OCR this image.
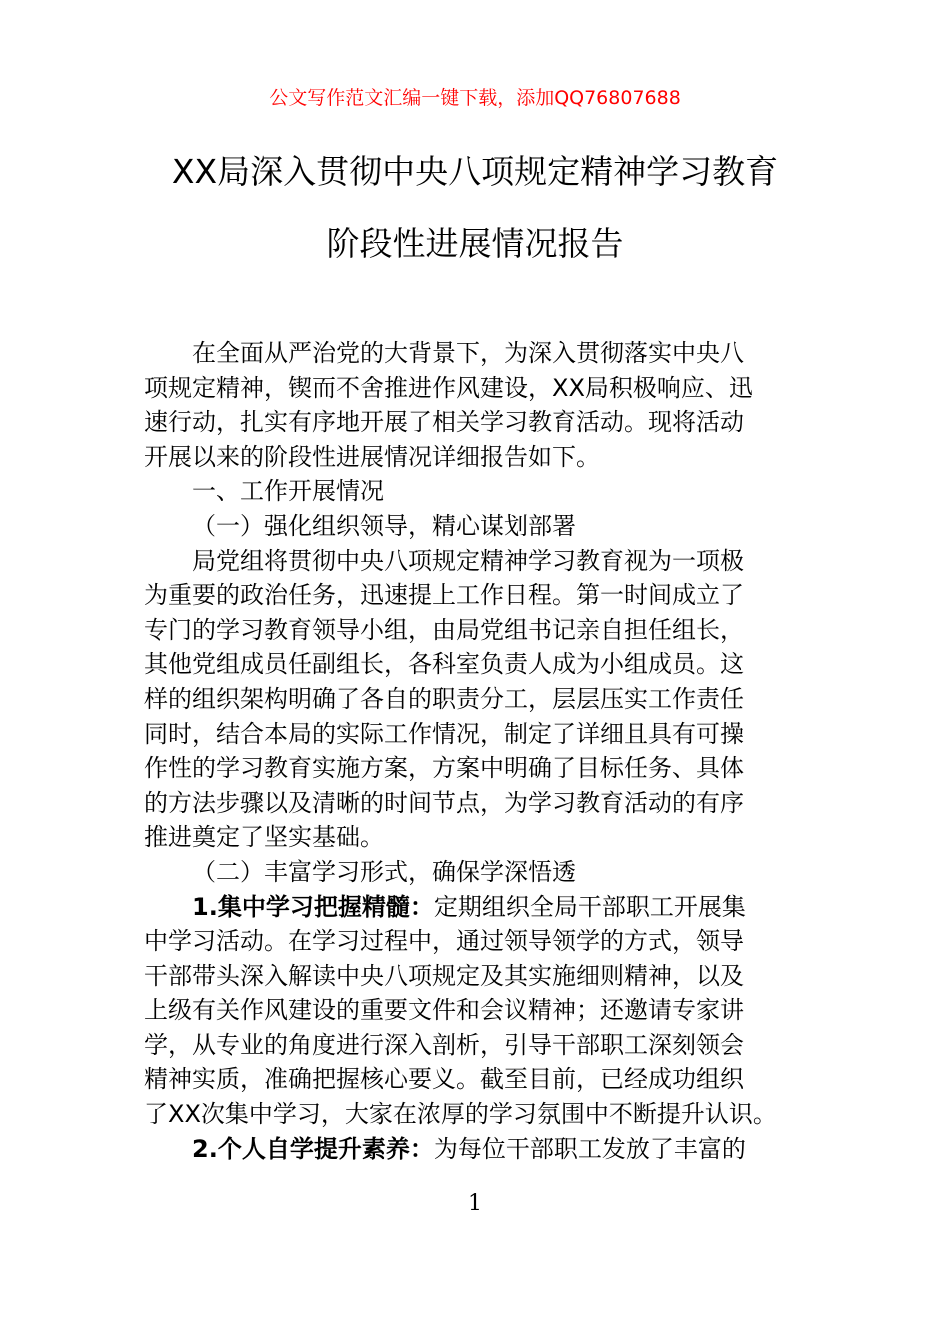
公文写作范文汇编一键下载，添加QQ76807688
XX局深入贯彻中央八项规定精神学习教育
阶段性进展情况报告
在全面从严治党的大背景下，为深入贯彻落实中央八
项规定精神，锲而不舍推进作风建设，XX局积极响应、迅
速行动，扎实有序地开展了相关学习教育活动。现将活动
开展以来的阶段性进展情况详细报告如下。
一、工作开展情况
（一）强化组织领导，精心谋划部署
局党组将贯彻中央八项规定精神学习教育视为一项极
为重要的政治任务，迅速提上工作日程。第一时间成立了
专门的学习教育领导小组，由局党组书记亲自担任组长，
其他党组成员任副组长，各科室负责人成为小组成员。这
样的组织架构明确了各自的职责分工，层层压实工作责任
同时，结合本局的实际工作情况，制定了详细且具有可操
作性的学习教育实施方案，方案中明确了目标任务、具体
的方法步骤以及清晰的时间节点，为学习教育活动的有序
推进奠定了坚实基础。
（二）丰富学习形式，确保学深悟透
1.集中学习把握精髓：定期组织全局干部职工开展集
中学习活动。在学习过程中，通过领导领学的方式，领导
干部带头深入解读中央八项规定及其实施细则精神，以及
上级有关作风建设的重要文件和会议精神；还邀请专家讲
学，从专业的角度进行深入剖析，引导干部职工深刻领会
精神实质，准确把握核心要义。截至目前，已经成功组织
了XX次集中学习，大家在浓厚的学习氛围中不断提升认识。
2.个人自学提升素养：为每位干部职工发放了丰富的
1
